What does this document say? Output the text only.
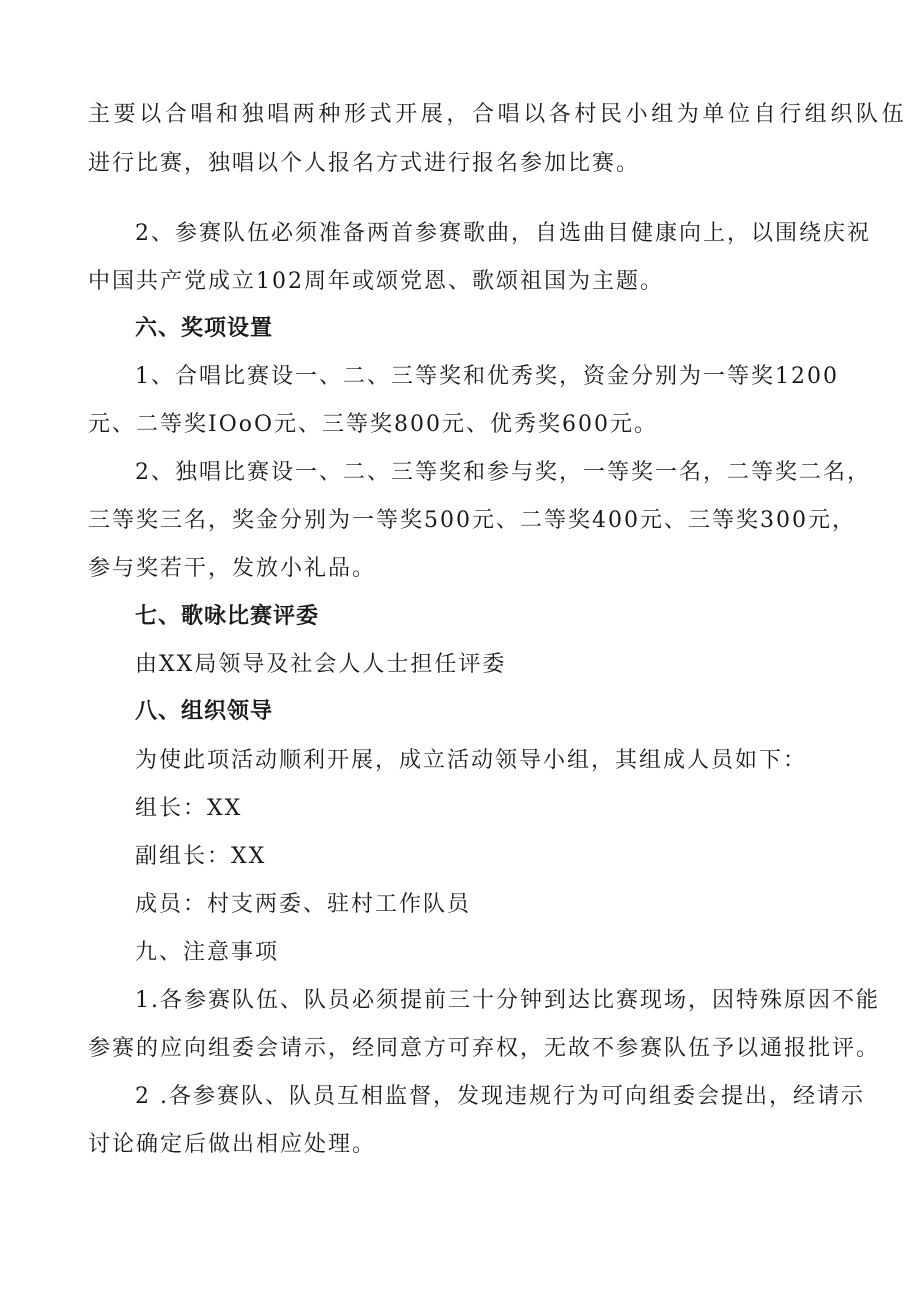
主要以合唱和独唱两种形式开展，合唱以各村民小组为单位自行组织队伍
进行比赛，独唱以个人报名方式进行报名参加比赛。
2、参赛队伍必须准备两首参赛歌曲，自选曲目健康向上，以围绕庆祝
中国共产党成立102周年或颂党恩、歌颂祖国为主题。
六、奖项设置
1、合唱比赛设一、二、三等奖和优秀奖，资金分别为一等奖1200
元、二等奖IOoO元、三等奖800元、优秀奖600元。
2、独唱比赛设一、二、三等奖和参与奖，一等奖一名，二等奖二名，
三等奖三名，奖金分别为一等奖500元、二等奖400元、三等奖300元，
参与奖若干，发放小礼品。
七、歌咏比赛评委
由XX局领导及社会人人士担任评委
八、组织领导
为使此项活动顺利开展，成立活动领导小组，其组成人员如下：
组长：XX
副组长：XX
成员：村支两委、驻村工作队员
九、注意事项
1.各参赛队伍、队员必须提前三十分钟到达比赛现场，因特殊原因不能
参赛的应向组委会请示，经同意方可弃权，无故不参赛队伍予以通报批评。
2 .各参赛队、队员互相监督，发现违规行为可向组委会提出，经请示
讨论确定后做出相应处理。
